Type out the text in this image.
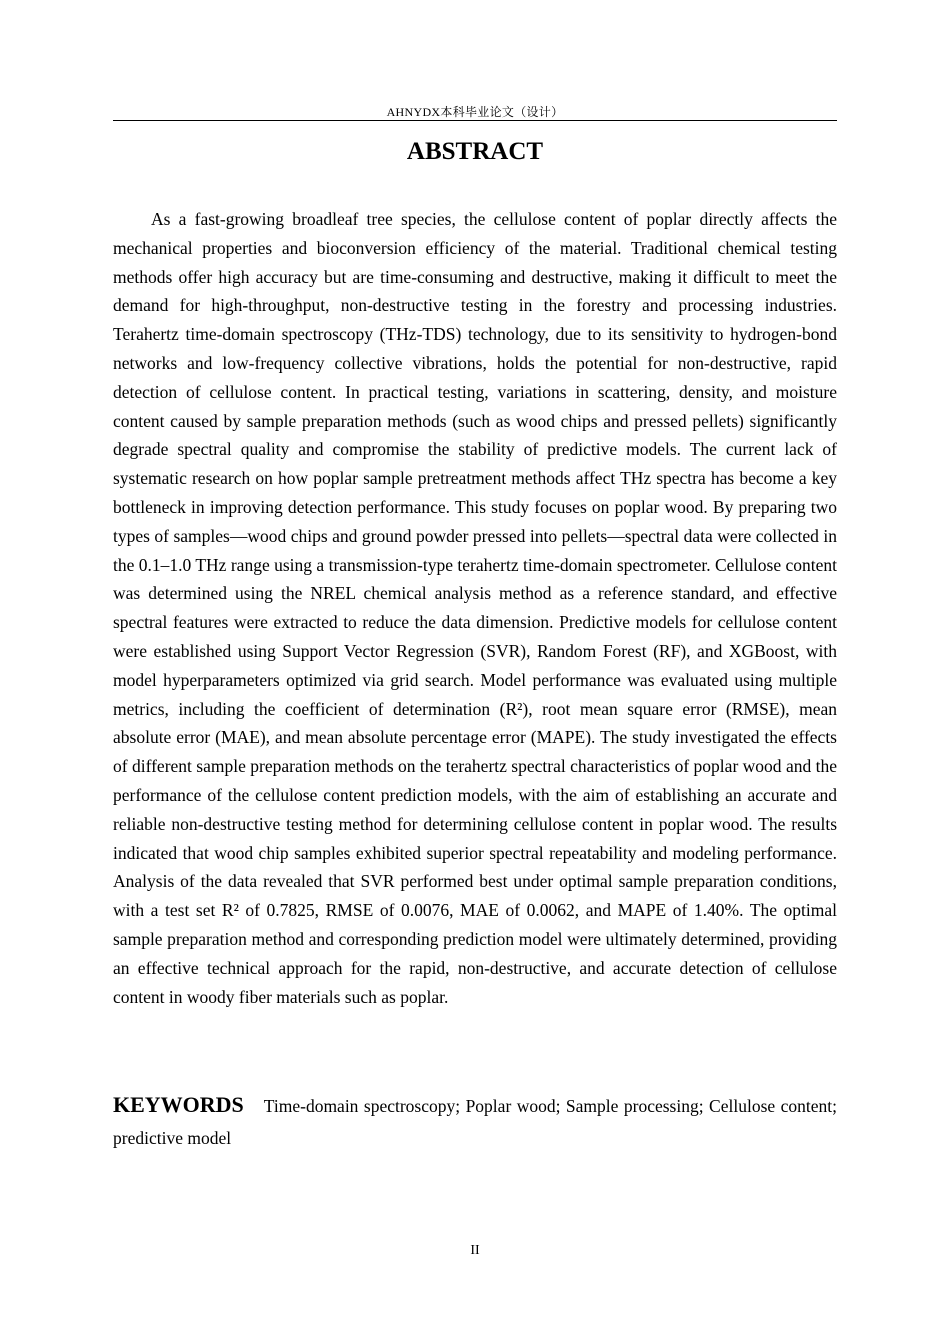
AHNYDX本科毕业论文（设计）
ABSTRACT

As a fast-growing broadleaf tree species, the cellulose content of poplar directly affects the mechanical properties and bioconversion efficiency of the material. Traditional chemical testing methods offer high accuracy but are time-consuming and destructive, making it difficult to meet the demand for high-throughput, non-destructive testing in the forestry and processing industries. Terahertz time-domain spectroscopy (THz-TDS) technology, due to its sensitivity to hydrogen-bond networks and low-frequency collective vibrations, holds the potential for non-destructive, rapid detection of cellulose content. In practical testing, variations in scattering, density, and moisture content caused by sample preparation methods (such as wood chips and pressed pellets) significantly degrade spectral quality and compromise the stability of predictive models. The current lack of systematic research on how poplar sample pretreatment methods affect THz spectra has become a key bottleneck in improving detection performance. This study focuses on poplar wood. By preparing two types of samples—wood chips and ground powder pressed into pellets—spectral data were collected in the 0.1–1.0 THz range using a transmission-type terahertz time-domain spectrometer. Cellulose content was determined using the NREL chemical analysis method as a reference standard, and effective spectral features were extracted to reduce the data dimension. Predictive models for cellulose content were established using Support Vector Regression (SVR), Random Forest (RF), and XGBoost, with model hyperparameters optimized via grid search. Model performance was evaluated using multiple metrics, including the coefficient of determination (R²), root mean square error (RMSE), mean absolute error (MAE), and mean absolute percentage error (MAPE). The study investigated the effects of different sample preparation methods on the terahertz spectral characteristics of poplar wood and the performance of the cellulose content prediction models, with the aim of establishing an accurate and reliable non-destructive testing method for determining cellulose content in poplar wood. The results indicated that wood chip samples exhibited superior spectral repeatability and modeling performance. Analysis of the data revealed that SVR performed best under optimal sample preparation conditions, with a test set R² of 0.7825, RMSE of 0.0076, MAE of 0.0062, and MAPE of 1.40%. The optimal sample preparation method and corresponding prediction model were ultimately determined, providing an effective technical approach for the rapid, non-destructive, and accurate detection of cellulose content in woody fiber materials such as poplar.

KEYWORDS Time-domain spectroscopy; Poplar wood; Sample processing; Cellulose content; predictive model

II
